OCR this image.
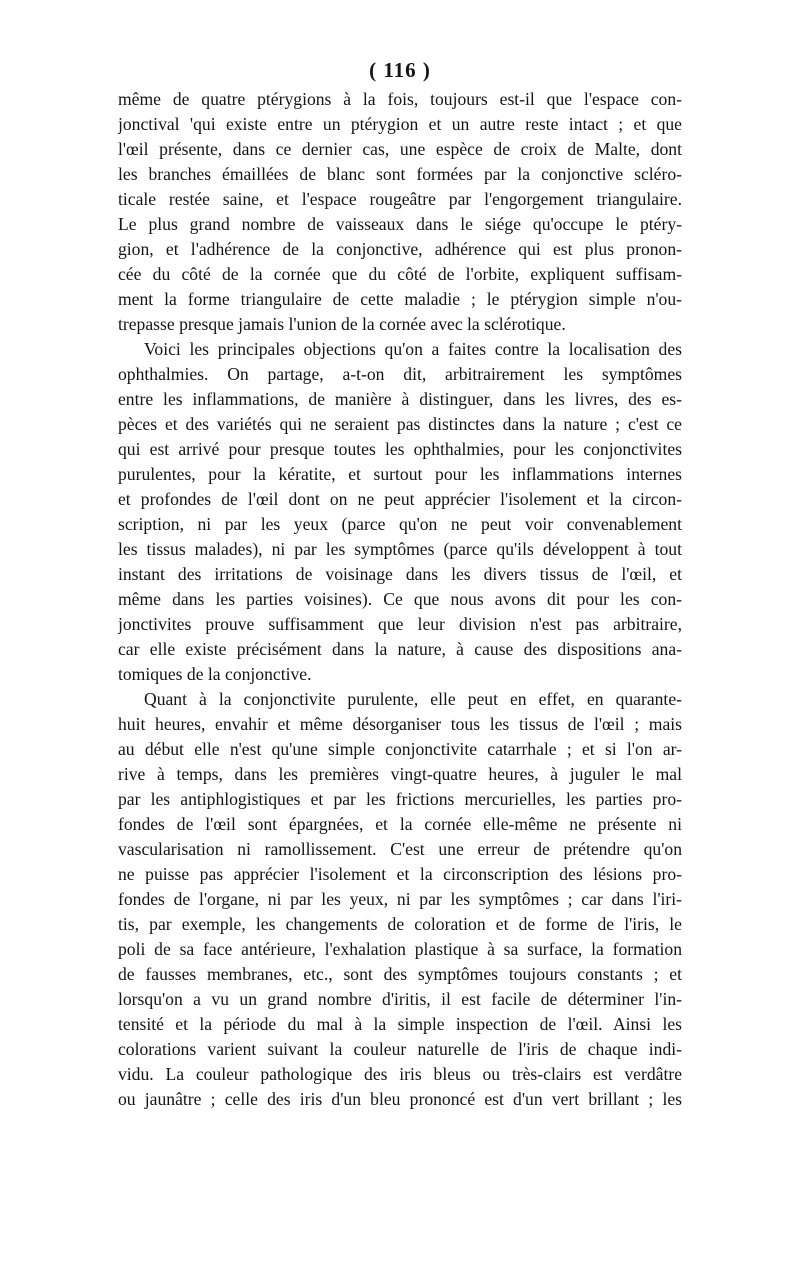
( 116 )
même de quatre ptérygions à la fois, toujours est-il que l'espace con-
jonctival 'qui existe entre un ptérygion et un autre reste intact ; et que
l'œil présente, dans ce dernier cas, une espèce de croix de Malte, dont
les branches émaillées de blanc sont formées par la conjonctive scléro-
ticale restée saine, et l'espace rougeâtre par l'engorgement triangulaire.
Le plus grand nombre de vaisseaux dans le siége qu'occupe le ptéry-
gion, et l'adhérence de la conjonctive, adhérence qui est plus pronon-
cée du côté de la cornée que du côté de l'orbite, expliquent suffisam-
ment la forme triangulaire de cette maladie ; le ptérygion simple n'ou-
trepasse presque jamais l'union de la cornée avec la sclérotique.
Voici les principales objections qu'on a faites contre la localisation des
ophthalmies. On partage, a-t-on dit, arbitrairement les symptômes
entre les inflammations, de manière à distinguer, dans les livres, des es-
pèces et des variétés qui ne seraient pas distinctes dans la nature ; c'est ce
qui est arrivé pour presque toutes les ophthalmies, pour les conjonctivites
purulentes, pour la kératite, et surtout pour les inflammations internes
et profondes de l'œil dont on ne peut apprécier l'isolement et la circon-
scription, ni par les yeux (parce qu'on ne peut voir convenablement
les tissus malades), ni par les symptômes (parce qu'ils développent à tout
instant des irritations de voisinage dans les divers tissus de l'œil, et
même dans les parties voisines). Ce que nous avons dit pour les con-
jonctivites prouve suffisamment que leur division n'est pas arbitraire,
car elle existe précisément dans la nature, à cause des dispositions ana-
tomiques de la conjonctive.
Quant à la conjonctivite purulente, elle peut en effet, en quarante-
huit heures, envahir et même désorganiser tous les tissus de l'œil ; mais
au début elle n'est qu'une simple conjonctivite catarrhale ; et si l'on ar-
rive à temps, dans les premières vingt-quatre heures, à juguler le mal
par les antiphlogistiques et par les frictions mercurielles, les parties pro-
fondes de l'œil sont épargnées, et la cornée elle-même ne présente ni
vascularisation ni ramollissement. C'est une erreur de prétendre qu'on
ne puisse pas apprécier l'isolement et la circonscription des lésions pro-
fondes de l'organe, ni par les yeux, ni par les symptômes ; car dans l'iri-
tis, par exemple, les changements de coloration et de forme de l'iris, le
poli de sa face antérieure, l'exhalation plastique à sa surface, la formation
de fausses membranes, etc., sont des symptômes toujours constants ; et
lorsqu'on a vu un grand nombre d'iritis, il est facile de déterminer l'in-
tensité et la période du mal à la simple inspection de l'œil. Ainsi les
colorations varient suivant la couleur naturelle de l'iris de chaque indi-
vidu. La couleur pathologique des iris bleus ou très-clairs est verdâtre
ou jaunâtre ; celle des iris d'un bleu prononcé est d'un vert brillant ; les
